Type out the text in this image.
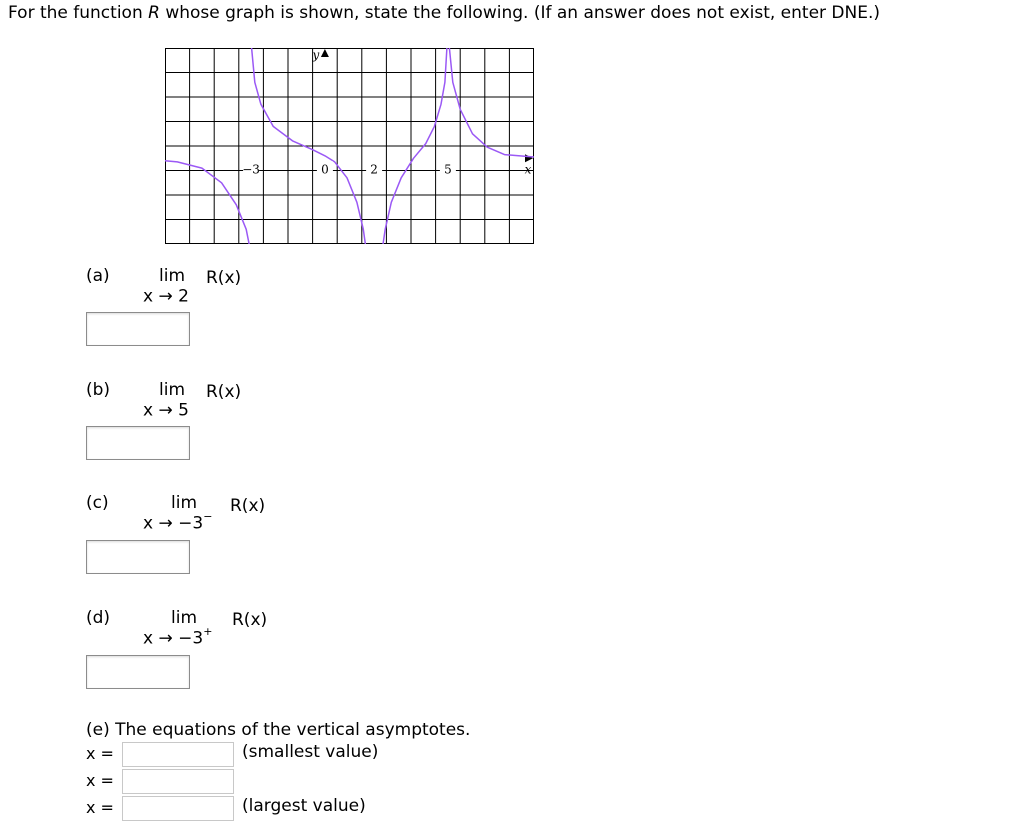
For the function R whose graph is shown, state the following. (If an answer does not exist, enter DNE.)
−3	0	2	5	x
y
(a)	lim R(x)
x → 2
(b)	lim R(x)
x → 5
(c)	lim R(x)
x → −3−
(d)	lim R(x)
x → −3+
(e) The equations of the vertical asymptotes.
x =	(smallest value)
x =
x =	(largest value)
